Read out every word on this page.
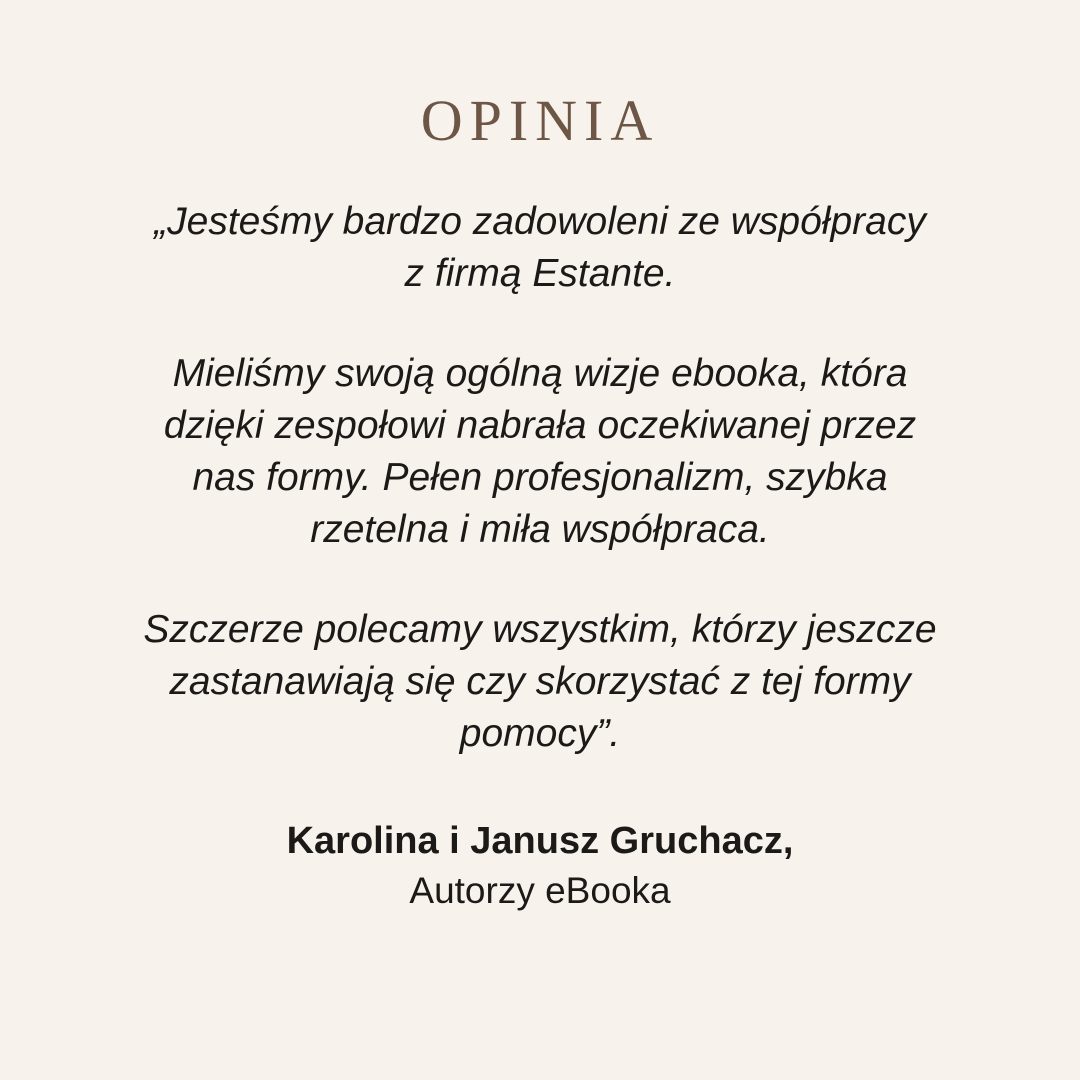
OPINIA
„Jesteśmy bardzo zadowoleni ze współpracy
z firmą Estante.
Mieliśmy swoją ogólną wizje ebooka, która
dzięki zespołowi nabrała oczekiwanej przez
nas formy. Pełen profesjonalizm, szybka
rzetelna i miła współpraca.
Szczerze polecamy wszystkim, którzy jeszcze
zastanawiają się czy skorzystać z tej formy
pomocy”.
Karolina i Janusz Gruchacz,
Autorzy eBooka
